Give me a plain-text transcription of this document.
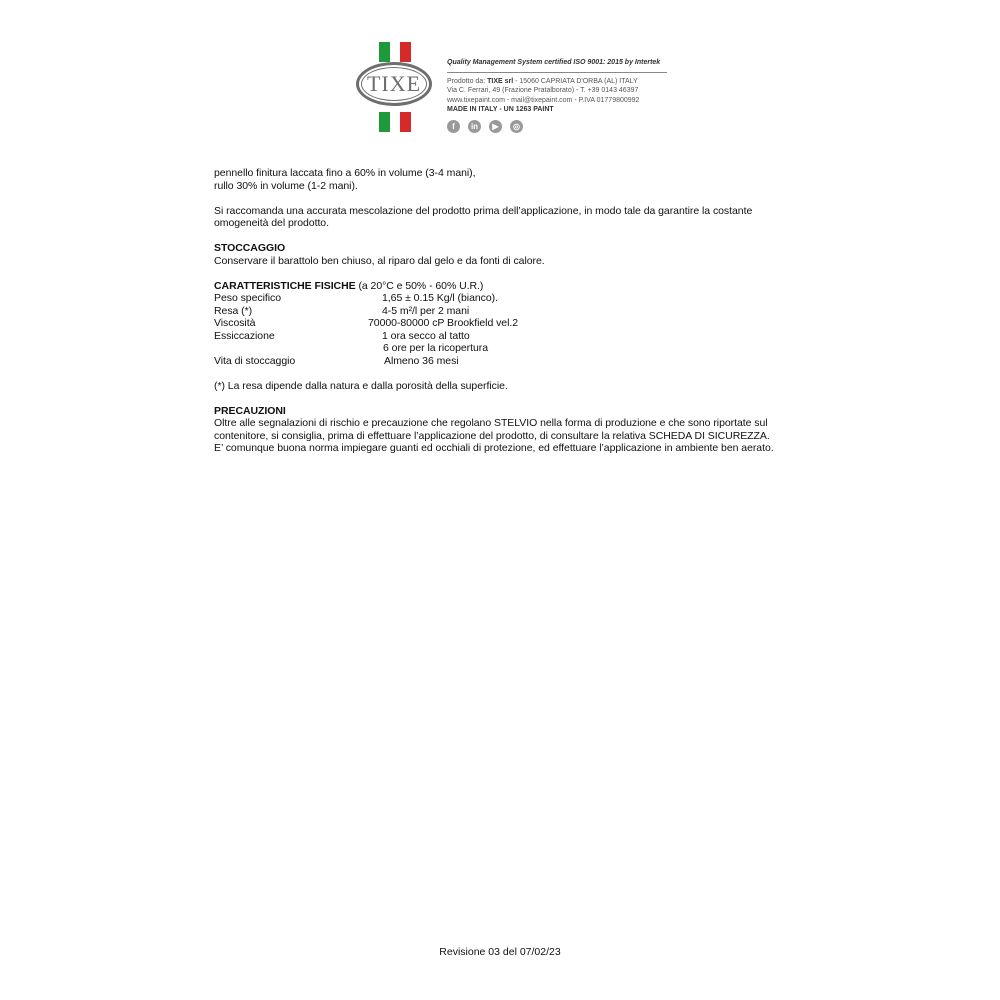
TIXE
Quality Management System certified ISO 9001: 2015 by Intertek
Prodotto da: TIXE srl - 15060 CAPRIATA D'ORBA (AL) ITALY
Via C. Ferrari, 49 (Frazione Pratalborato) - T. +39 0143 46397
www.tixepaint.com - mail@tixepaint.com - P.IVA 01779800992
MADE IN ITALY - UN 1263 PAINT
f	in	▶	◎

pennello finitura laccata fino a 60% in volume (3-4 mani),

rullo 30% in volume (1-2 mani).

Si raccomanda una accurata mescolazione del prodotto prima dell’applicazione, in modo tale da garantire la costante

omogeneità del prodotto.

STOCCAGGIO

Conservare il barattolo ben chiuso, al riparo dal gelo e da fonti di calore.

CARATTERISTICHE FISICHE (a 20°C e 50% - 60% U.R.)

Peso specifico	1,65 ± 0.15 Kg/l (bianco).
Resa (*)	4-5 m²/l per 2 mani
Viscosità	70000-80000 cP Brookfield vel.2
Essiccazione	1 ora secco al tatto
6 ore per la ricopertura
Vita di stoccaggio	Almeno 36 mesi

(*) La resa dipende dalla natura e dalla porosità della superficie.

PRECAUZIONI

Oltre alle segnalazioni di rischio e precauzione che regolano STELVIO nella forma di produzione e che sono riportate sul

contenitore, si consiglia, prima di effettuare l’applicazione del prodotto, di consultare la relativa SCHEDA DI SICUREZZA.

E’ comunque buona norma impiegare guanti ed occhiali di protezione, ed effettuare l’applicazione in ambiente ben aerato.

Revisione 03 del 07/02/23
